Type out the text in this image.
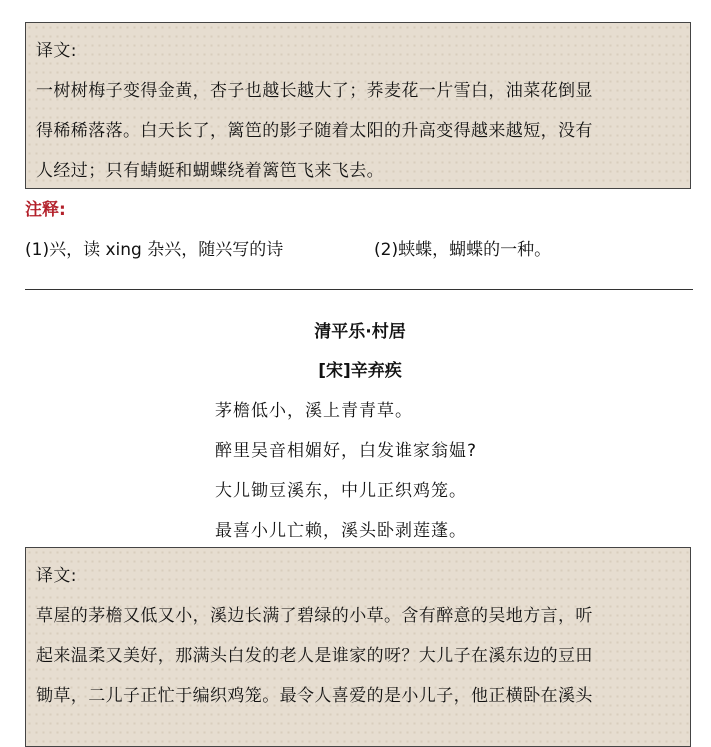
译文:

一树树梅子变得金黄，杏子也越长越大了；荞麦花一片雪白，油菜花倒显

得稀稀落落。白天长了，篱笆的影子随着太阳的升高变得越来越短，没有

人经过；只有蜻蜓和蝴蝶绕着篱笆飞来飞去。

注释:
(1)兴，读 xing 杂兴，随兴写的诗	(2)蛱蝶，蝴蝶的一种。
清平乐·村居
[宋]辛弃疾
茅檐低小，溪上青青草。
醉里吴音相媚好，白发谁家翁媪?
大儿锄豆溪东，中儿正织鸡笼。
最喜小儿亡赖，溪头卧剥莲蓬。

译文:

草屋的茅檐又低又小，溪边长满了碧绿的小草。含有醉意的吴地方言，听

起来温柔又美好，那满头白发的老人是谁家的呀？大儿子在溪东边的豆田

锄草，二儿子正忙于编织鸡笼。最令人喜爱的是小儿子，他正横卧在溪头
